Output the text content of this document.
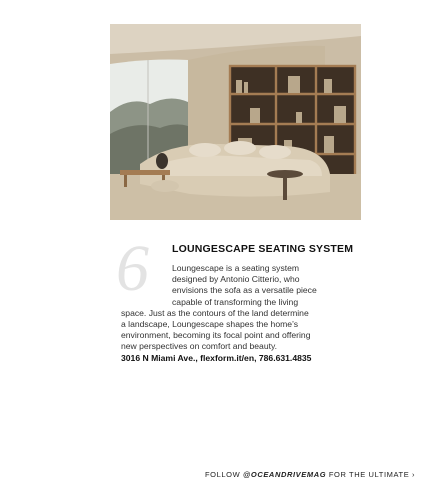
6 LOUNGESCAPE SEATING SYSTEM
Loungescape is a seating system
designed by Antonio Citterio, who
envisions the sofa as a versatile piece
capable of transforming the living
space. Just as the contours of the land determine
a landscape, Loungescape shapes the home’s
environment, becoming its focal point and offering
new perspectives on comfort and beauty.
3016 N Miami Ave., flexform.it/en, 786.631.4835
FOLLOW @OCEANDRIVEMAG FOR THE ULTIMATE ›
